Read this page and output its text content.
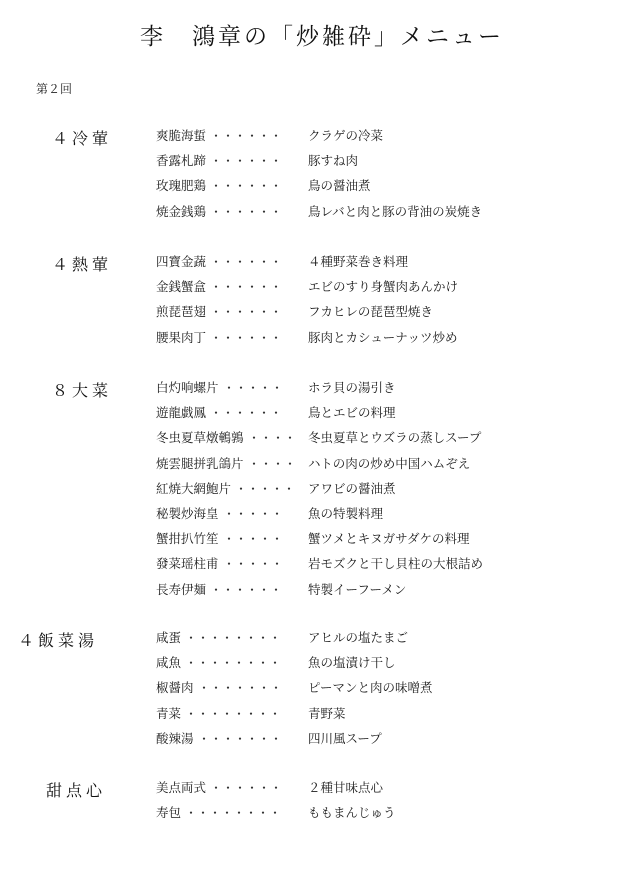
李　鴻章の「炒雑砕」メニュー
第２回
４冷葷	爽脆海蜇 ・・・・・・	クラゲの冷菜
香露札蹄 ・・・・・・	豚すね肉
玫瑰肥鶏 ・・・・・・	鳥の醤油煮
焼金銭鶏 ・・・・・・	鳥レバと肉と豚の背油の炭焼き
４熱葷	四寶金蔬 ・・・・・・	４種野菜巻き料理
金銭蟹盒 ・・・・・・	エビのすり身蟹肉あんかけ
煎琵琶翅 ・・・・・・	フカヒレの琵琶型焼き
腰果肉丁 ・・・・・・	豚肉とカシューナッツ炒め
８大菜	白灼响螺片 ・・・・・	ホラ貝の湯引き
遊龍戯鳳 ・・・・・・	鳥とエビの料理
冬虫夏草燉鵪鶉 ・・・・ 冬虫夏草とウズラの蒸しスープ
焼雲腿拼乳鴿片 ・・・・ ハトの肉の炒め中国ハムぞえ
紅焼大網鮑片 ・・・・・	アワビの醤油煮
秘製炒海皇 ・・・・・	魚の特製料理
蟹拑扒竹笙 ・・・・・	蟹ツメとキヌガサダケの料理
發菜瑶柱甫 ・・・・・	岩モズクと干し貝柱の大根詰め
長寿伊麺 ・・・・・・	特製イーフーメン
４飯菜湯	咸蛋 ・・・・・・・・	アヒルの塩たまご
咸魚 ・・・・・・・・	魚の塩漬け干し
椒醤肉 ・・・・・・・	ピーマンと肉の味噌煮
青菜 ・・・・・・・・	青野菜
酸辣湯 ・・・・・・・	四川風スープ
甜点心	美点両式 ・・・・・・	２種甘味点心
寿包 ・・・・・・・・	ももまんじゅう
